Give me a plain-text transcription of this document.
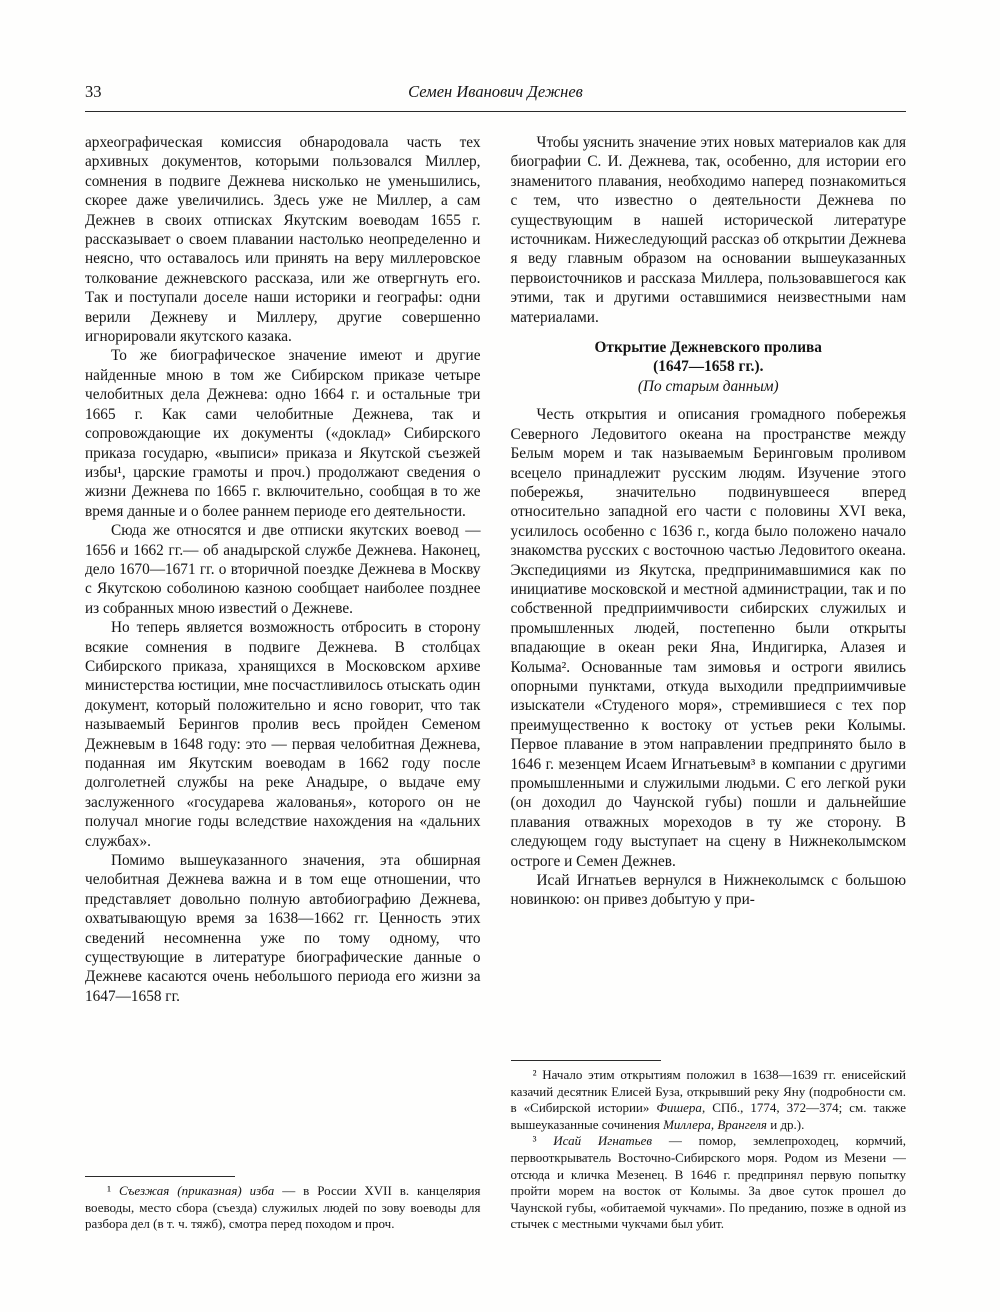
33	Семен Иванович Дежнев

археографическая комиссия обнародовала часть тех архивных документов, которыми пользовался Миллер, сомнения в подвиге Дежнева нисколько не уменьшились, скорее даже увеличились. Здесь уже не Миллер, а сам Дежнев в своих отписках Якутским воеводам 1655 г. рассказывает о своем плавании настолько неопределенно и неясно, что оставалось или принять на веру миллеровское толкование дежневского рассказа, или же отвергнуть его. Так и поступали доселе наши историки и географы: одни верили Дежневу и Миллеру, другие совершенно игнорировали якутского казака.

То же биографическое значение имеют и другие найденные мною в том же Сибирском приказе четыре челобитных дела Дежнева: одно 1664 г. и остальные три 1665 г. Как сами челобитные Дежнева, так и сопровождающие их документы («доклад» Сибирского приказа государю, «выписи» приказа и Якутской съезжей избы¹, царские грамоты и проч.) продолжают сведения о жизни Дежнева по 1665 г. включительно, сообщая в то же время данные и о более раннем периоде его деятельности.

Сюда же относятся и две отписки якутских воевод — 1656 и 1662 гг.— об анадырской службе Дежнева. Наконец, дело 1670—1671 гг. о вторичной поездке Дежнева в Москву с Якутскою соболиною казною сообщает наиболее позднее из собранных мною известий о Дежневе.

Но теперь является возможность отбросить в сторону всякие сомнения в подвиге Дежнева. В столбцах Сибирского приказа, хранящихся в Московском архиве министерства юстиции, мне посчастливилось отыскать один документ, который положительно и ясно говорит, что так называемый Берингов пролив весь пройден Семеном Дежневым в 1648 году: это — первая челобитная Дежнева, поданная им Якутским воеводам в 1662 году после долголетней службы на реке Анадыре, о выдаче ему заслуженного «государева жалованья», которого он не получал многие годы вследствие нахождения на «дальних службах».

Помимо вышеуказанного значения, эта обширная челобитная Дежнева важна и в том еще отношении, что представляет довольно полную автобиографию Дежнева, охватывающую время за 1638—1662 гг. Ценность этих сведений несомненна уже по тому одному, что существующие в литературе биографические данные о Дежневе касаются очень небольшого периода его жизни за 1647—1658 гг.

¹ Съезжая (приказная) изба — в России XVII в. канцелярия воеводы, место сбора (съезда) служилых людей по зову воеводы для разбора дел (в т. ч. тяжб), смотра перед походом и проч.

Чтобы уяснить значение этих новых материалов как для биографии С. И. Дежнева, так, особенно, для истории его знаменитого плавания, необходимо наперед познакомиться с тем, что известно о деятельности Дежнева по существующим в нашей исторической литературе источникам. Нижеследующий рассказ об открытии Дежнева я веду главным образом на основании вышеуказанных первоисточников и рассказа Миллера, пользовавшегося как этими, так и другими оставшимися неизвестными нам материалами.

Открытие Дежневского пролива
(1647—1658 гг.).
(По старым данным)

Честь открытия и описания громадного побережья Северного Ледовитого океана на пространстве между Белым морем и так называемым Беринговым проливом всецело принадлежит русским людям. Изучение этого побережья, значительно подвинувшееся вперед относительно западной его части с половины XVI века, усилилось особенно с 1636 г., когда было положено начало знакомства русских с восточною частью Ледовитого океана. Экспедициями из Якутска, предпринимавшимися как по инициативе московской и местной администрации, так и по собственной предприимчивости сибирских служилых и промышленных людей, постепенно были открыты впадающие в океан реки Яна, Индигирка, Алазея и Колыма². Основанные там зимовья и остроги явились опорными пунктами, откуда выходили предприимчивые изыскатели «Студеного моря», стремившиеся с тех пор преимущественно к востоку от устьев реки Колымы. Первое плавание в этом направлении предпринято было в 1646 г. мезенцем Исаем Игнатьевым³ в компании с другими промышленными и служилыми людьми. С его легкой руки (он доходил до Чаунской губы) пошли и дальнейшие плавания отважных мореходов в ту же сторону. В следующем году выступает на сцену в Нижнеколымском остроге и Семен Дежнев.

Исай Игнатьев вернулся в Нижнеколымск с большою новинкою: он привез добытую у при-

² Начало этим открытиям положил в 1638—1639 гг. енисейский казачий десятник Елисей Буза, открывший реку Яну (подробности см. в «Сибирской истории» Фишера, СПб., 1774, 372—374; см. также вышеуказанные сочинения Миллера, Врангеля и др.).

³ Исай Игнатьев — помор, землепроходец, кормчий, первооткрыватель Восточно-Сибирского моря. Родом из Мезени — отсюда и кличка Мезенец. В 1646 г. предпринял первую попытку пройти морем на восток от Колымы. За двое суток прошел до Чаунской губы, «обитаемой чукчами». По преданию, позже в одной из стычек с местными чукчами был убит.
